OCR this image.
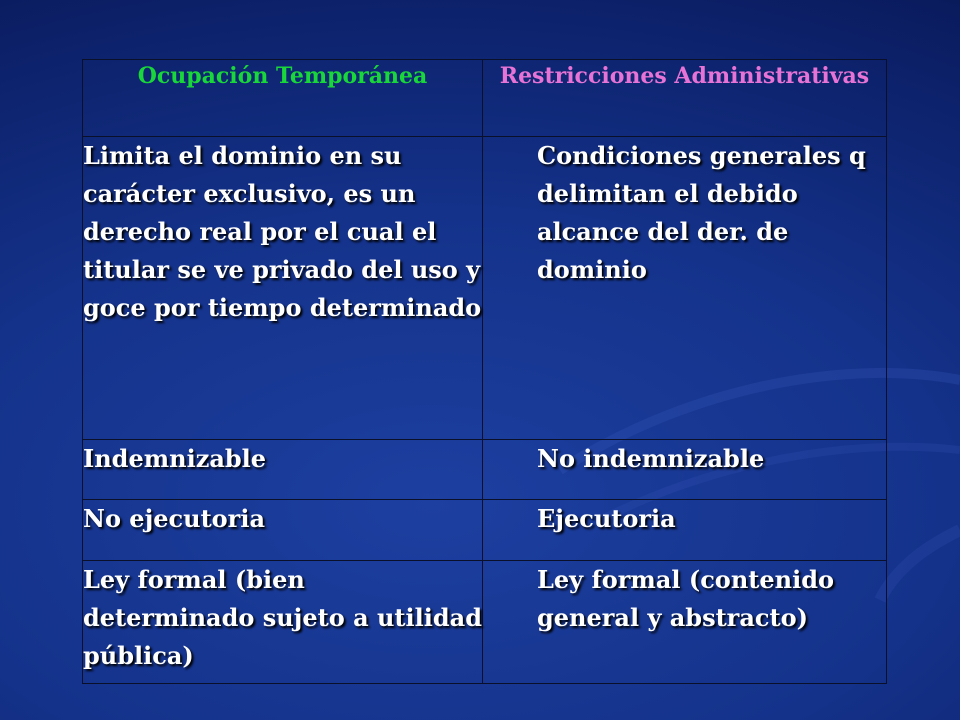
Ocupación Temporánea	Restricciones Administrativas
Limita el dominio en su carácter exclusivo, es un derecho real por el cual el titular se ve privado del uso y goce por tiempo determinado	Condiciones generales q delimitan el debido alcance del der. de dominio
Indemnizable	No indemnizable
No ejecutoria	Ejecutoria
Ley formal (bien determinado sujeto a utilidad pública)	Ley formal (contenido general y abstracto)
